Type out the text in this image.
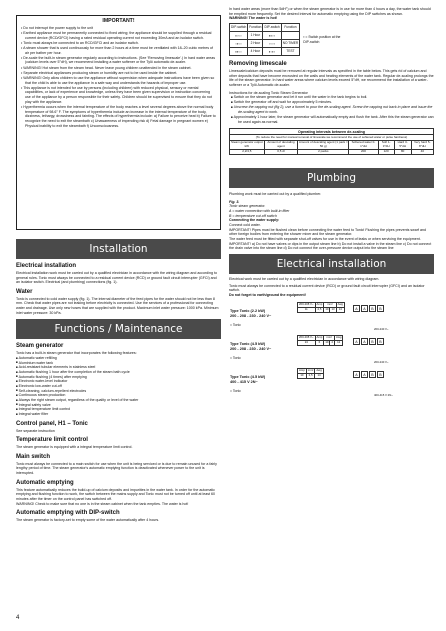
IMPORTANT!
• Do not interrupt the power supply to the unit
• Earthed appliance must be permanently connected to fixed wiring; the appliance should be supplied through a residual current device (RCD/GFCI) having a rated residual operating current not exceeding 30mA and an isolator switch.
• Tonic must always be connected to an RCD/GFCI and an isolator switch.
• A steam shower that is used continuously for more than 2 hours at a time must be ventilated with 18–20 cubic metres of air per bather per hour.
• De-scale the built-in steam generator regularly according to instructions. (See 'Removing limescale'.) In hard water areas (calcium levels over 5°dH), we recommend installing a water softener or the Tylö automatic de-scaler.
• WARNING! Hot steam from the steam head. Never leave young children unattended in the steam cabinet.
• Separate electrical appliances producing steam or humidity are not to be used inside the cabinet.
• WARNING! Only allow children to use the appliance without supervision when adequate instructions have been given so that the child is able to use the appliance in a safe way and understands the hazards of improper use.
• This appliance is not intended for use by persons (including children) with reduced physical, sensory or mental capabilities, or lack of experience and knowledge, unless they have been given supervision or instruction concerning use of the appliance by a person responsible for their safety. Children should be supervised to ensure that they do not play with the appliance.
• Hyperthermia occurs when the internal temperature of the body reaches a level several degrees above the normal body temperature of 98.6° F. The symptoms of hyperthermia include an increase in the internal temperature of the body, dizziness, lethargy, drowsiness and fainting. The effects of hyperthermia include: a) Failure to perceive heat b) Failure to recognize the need to exit the steambath c) Unawareness of impending risk d) Fetal damage in pregnant women e) Physical inability to exit the steambath f) Unconsciousness.
Installation
Electrical installation

Electrical installation work must be carried out by a qualified electrician in accordance with the wiring diagram and according to general rules. Tonic must always be connected to a residual current device (RCD) or ground fault circuit interrupter (GFCI) and an isolator switch. Electrical (and plumbing) connections (fig. 1).

Water

Tonic is connected to cold water supply (fig. 1). The internal diameter of the feed pipes for the water should not be less than 8 mm. Check that water pipes are not leaking before electricity is connected. Use the services of a professional for connecting water and drainage. Use only new hoses that are supplied with the product. Maximum inlet water pressure: 1000 kPa. Minimum inlet water pressure: 30 kPa.

Functions / Maintenance
Steam generator

Tonic has a built-in steam generator that incorporates the following features:

■ Automatic water refilling
■ Aluminium water tank
■ Acid-resistant tubular elements in stainless steel
■ Automatic flushing 1 hour after the completion of the steam bath cycle
■ Automatic flushing (4 times) after emptying
■ Electronic water-level indicator
■ Electronic low-water cut-off
■ Self-cleaning, calcium-repellent electrodes
■ Continuous steam production
■ Always the right steam output, regardless of the quality or level of the water
■ Integral safety valve
■ Integral temperature limit control
■ Integral water filter
Control panel, H1 – Tonic

See separate instruction

Temperature limit control

The steam generator is equipped with a integral temperature limit control.

Main switch

Tonic must always be connected to a main switch for use when the unit is being serviced or is due to remain unused for a fairly lengthy period of time. The steam generator's automatic emptying function is deactivated whenever power to the unit is interrupted.

Automatic emptying

This feature automatically reduces the build-up of calcium deposits and impurities in the water tank. In order for the automatic emptying and flushing function to work, the switch between the mains supply and Tonic must not be turned off until at least 60 minutes after the timer on the control panel has switched off.

WARNING! Check to make sure that no one is in the steam cabinet when the tank empties. The water is hot!

Automatic emptying with DIP-switch

The steam generator is factory-set to empty some of the water automatically after 4 hours.

In hard water areas (more than 5dH°) or when the steam generator is in use for more than 4 hours a day, the water tank should be emptied more frequently. Set the desired interval for automatic emptying using the DIP switches as shown.

WARNING! The water is hot!

DIP-switch	Function	DIP-switch	Function
▪▫▫▫	1 Hour	▪▪▫▫	
▫▪▫▫	2 Hour	▫▫▫▫	NO TIMER
▪▪▫▫	4 Hour	▪▫▪▫	TEST
▪ = Switch position at the DIP-switch
Removing limescale

Limescale/calcium deposits must be removed at regular intervals as specified in the table below. This gets rid of calcium and other deposits that have become encrusted on the walls and heating elements of the water tank. Regular de-scaling prolongs the life of the steam generator. In hard water areas where calcium levels exceed 5°dH, we recommend the installation of a water-softener or a Tylö Automatic de-scaler.

Instructions for de-scaling Tonic Steam Generator

■ Switch on the steam generator and let it run until the water in the tank begins to boil.
■ Switch the generator off and wait for approximately 5 minutes.
■ Unscrew the capping nut (fig 2), use a funnel to pour the de-scaling agent. Screw the capping nut back in place and issue the de-scaling agent to work.
■ Approximately 1 hour later, the steam generator will automatically empty and flush the tank. After this the steam generator can be used again as normal.
Operating intervals between de-scaling						
(To reduce the need for manual removal of limescale we recommend the use of softened water or pulse hardness)						
Steam generator output kW	Amount of descaling agent	Amount of descaling agent (1 pack = 50 g)	Softened water 0-1°dH	Soft 1-3°dH	Hard 3-5°dH	Very hard 5-8°dH
2,2/4,5	0,5 dl	2 packs	200	120	80	40
Plumbing

Plumbing work must be carried out by a qualified plumber.

Fig. 3.

Tonic steam generator.

A = water connection with built-in filter

B = temperature cut-off switch

Connecting the water supply:

Connect cold water.

IMPORTANT! Pipes must be flushed clean before connecting the water feed to Tonic! Flushing the pipes prevents swarf and other foreign bodies from entering the shower mixer and the steam generator.

The water feed must be fitted with separate shut-off valves for use in the event of leaks or when servicing the equipment.

IMPORTANT! a) Do not have valves or dips in the output steam line b) Do not install a valve in the steam line c) Do not connect the drain valve into the steam line d) Do not connect the over-pressure device output into the steam line

Electrical installation

Electrical work must be carried out by a qualified electrician in accordance with wiring diagram.

Tonic must always be connected to a residual current device (RCD) or ground fault circuit interrupter (GFCI) and an isolator switch.

Do not forget to earth/ground the equipment!

Type Tonic (2.2 kW)
200 - 208 - 230 - 240 V~
= Tonic
200-208 V~	Amp	mm²		Awg
11	2,5	10	13	14	A	A	B	B
200-240 V~
Type Tonic (4.5 kW)
200 - 208 - 230 - 240 V~
= Tonic
200-208 V~	Amp	mm²		Awg
24	6	10	2	12	A	A	B	B
200-240 V~
Type Tonic (4.5 kW)
400 - 415 V 2N~
= Tonic
Amp	mm²	Awg
10	2,5	14	A	A	B	B
400-415 V 2N~
4
